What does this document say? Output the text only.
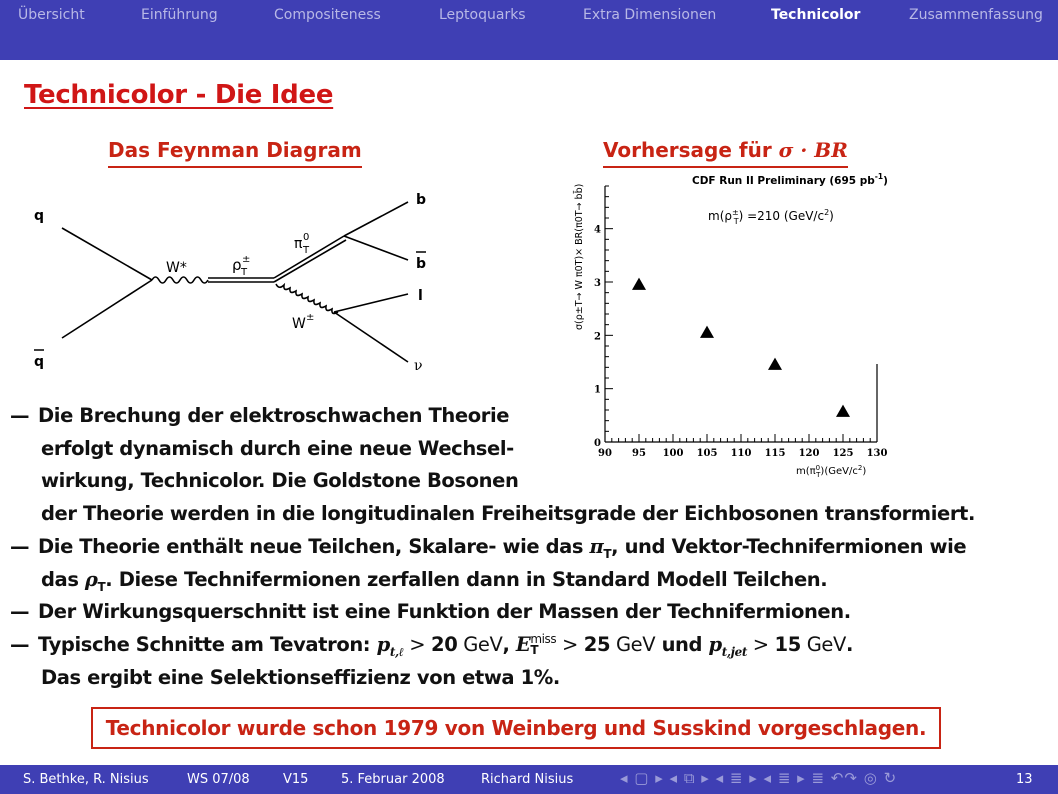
Übersicht	Einführung	Compositeness	Leptoquarks	Extra Dimensionen	Technicolor	Zusammenfassung
Technicolor - Die Idee
Das Feynman Diagram	Vorhersage für σ · BR
q
q
W*	ρ ±
T
π 0
T
b
b
W ±
l
ν
90 95 100 105 110 115 120 125 130
0
1
2
3
4
CDF Run II Preliminary (695 $pb^{-1}$)
m(ρ± T) =210 $(GeV/c^2)$
$m(\pi^0$ $T)(GeV/c^2)$
σ(ρ±T→ W π0T)× BR(π0T→ bb̄)
— Die Brechung der elektroschwachen Theorie
erfolgt dynamisch durch eine neue Wechsel-
wirkung, Technicolor. Die Goldstone Bosonen
der Theorie werden in die longitudinalen Freiheitsgrade der Eichbosonen transformiert.
— Die Theorie enthält neue Teilchen, Skalare- wie das $\pi_T$, und Vektor-Technifermionen wie
das $\rho_T$. Diese Technifermionen zerfallen dann in Standard Modell Teilchen.
— Der Wirkungsquerschnitt ist eine Funktion der Massen der Technifermionen.
— Typische Schnitte am Tevatron: $p_{t,\ell} > 20$ GeV, E miss
T > 25 GeV und $p_{t,jet} > 15$ GeV.
Das ergibt eine Selektionseffizienz von etwa 1%.
Technicolor wurde schon 1979 von Weinberg und Susskind vorgeschlagen.
S. Bethke, R. Nisius	WS 07/08	V15	5. Februar 2008	Richard Nisius	◂ ▢ ▸ ◂ ⧉ ▸ ◂ ≣ ▸ ◂ ≣ ▸ ≣ ↶↷ ◎ ↻	13
